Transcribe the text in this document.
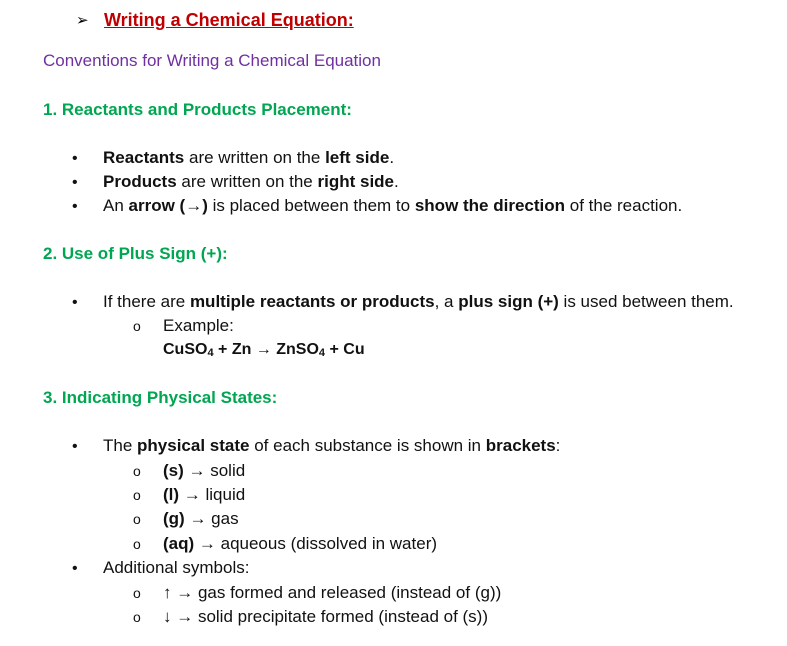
➢ Writing a Chemical Equation:
Conventions for Writing a Chemical Equation
1. Reactants and Products Placement:
• Reactants are written on the left side.
• Products are written on the right side.
• An arrow (→) is placed between them to show the direction of the reaction.
2. Use of Plus Sign (+):
• If there are multiple reactants or products, a plus sign (+) is used between them.
o Example:
CuSO$_4$ + Zn → ZnSO$_4$ + Cu
3. Indicating Physical States:
• The physical state of each substance is shown in brackets:
o (s) → solid
o (l) → liquid
o (g) → gas
o (aq) → aqueous (dissolved in water)
• Additional symbols:
o ↑ → gas formed and released (instead of (g))
o ↓ → solid precipitate formed (instead of (s))
